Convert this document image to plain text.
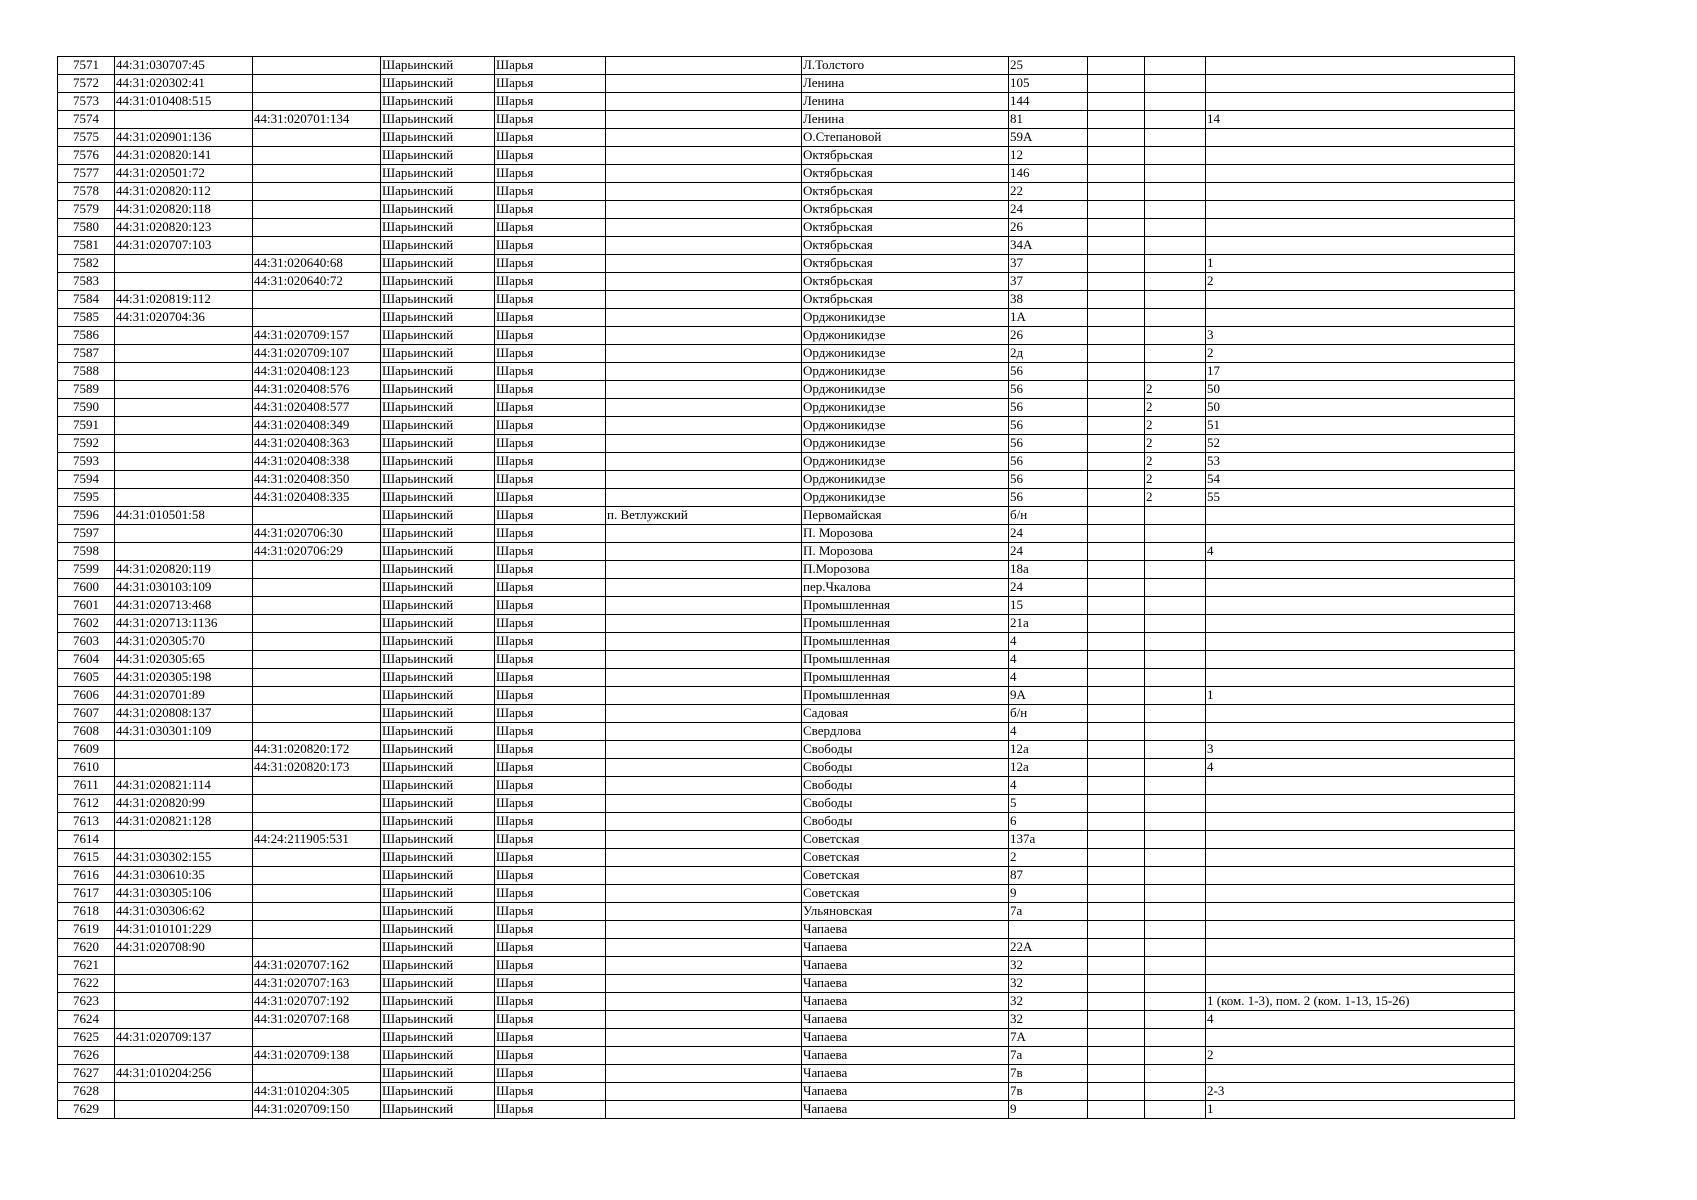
7571	44:31:030707:45		Шарьинский	Шарья		Л.Толстого	25			
7572	44:31:020302:41		Шарьинский	Шарья		Ленина	105			
7573	44:31:010408:515		Шарьинский	Шарья		Ленина	144			
7574		44:31:020701:134	Шарьинский	Шарья		Ленина	81			14
7575	44:31:020901:136		Шарьинский	Шарья		О.Степановой	59А			
7576	44:31:020820:141		Шарьинский	Шарья		Октябрьская	12			
7577	44:31:020501:72		Шарьинский	Шарья		Октябрьская	146			
7578	44:31:020820:112		Шарьинский	Шарья		Октябрьская	22			
7579	44:31:020820:118		Шарьинский	Шарья		Октябрьская	24			
7580	44:31:020820:123		Шарьинский	Шарья		Октябрьская	26			
7581	44:31:020707:103		Шарьинский	Шарья		Октябрьская	34А			
7582		44:31:020640:68	Шарьинский	Шарья		Октябрьская	37			1
7583		44:31:020640:72	Шарьинский	Шарья		Октябрьская	37			2
7584	44:31:020819:112		Шарьинский	Шарья		Октябрьская	38			
7585	44:31:020704:36		Шарьинский	Шарья		Орджоникидзе	1А			
7586		44:31:020709:157	Шарьинский	Шарья		Орджоникидзе	26			3
7587		44:31:020709:107	Шарьинский	Шарья		Орджоникидзе	2д			2
7588		44:31:020408:123	Шарьинский	Шарья		Орджоникидзе	56			17
7589		44:31:020408:576	Шарьинский	Шарья		Орджоникидзе	56		2	50
7590		44:31:020408:577	Шарьинский	Шарья		Орджоникидзе	56		2	50
7591		44:31:020408:349	Шарьинский	Шарья		Орджоникидзе	56		2	51
7592		44:31:020408:363	Шарьинский	Шарья		Орджоникидзе	56		2	52
7593		44:31:020408:338	Шарьинский	Шарья		Орджоникидзе	56		2	53
7594		44:31:020408:350	Шарьинский	Шарья		Орджоникидзе	56		2	54
7595		44:31:020408:335	Шарьинский	Шарья		Орджоникидзе	56		2	55
7596	44:31:010501:58		Шарьинский	Шарья	п. Ветлужский	Первомайская	б/н			
7597		44:31:020706:30	Шарьинский	Шарья		П. Морозова	24			
7598		44:31:020706:29	Шарьинский	Шарья		П. Морозова	24			4
7599	44:31:020820:119		Шарьинский	Шарья		П.Морозова	18а			
7600	44:31:030103:109		Шарьинский	Шарья		пер.Чкалова	24			
7601	44:31:020713:468		Шарьинский	Шарья		Промышленная	15			
7602	44:31:020713:1136		Шарьинский	Шарья		Промышленная	21а			
7603	44:31:020305:70		Шарьинский	Шарья		Промышленная	4			
7604	44:31:020305:65		Шарьинский	Шарья		Промышленная	4			
7605	44:31:020305:198		Шарьинский	Шарья		Промышленная	4			
7606	44:31:020701:89		Шарьинский	Шарья		Промышленная	9А			1
7607	44:31:020808:137		Шарьинский	Шарья		Садовая	б/н			
7608	44:31:030301:109		Шарьинский	Шарья		Свердлова	4			
7609		44:31:020820:172	Шарьинский	Шарья		Свободы	12а			3
7610		44:31:020820:173	Шарьинский	Шарья		Свободы	12а			4
7611	44:31:020821:114		Шарьинский	Шарья		Свободы	4			
7612	44:31:020820:99		Шарьинский	Шарья		Свободы	5			
7613	44:31:020821:128		Шарьинский	Шарья		Свободы	6			
7614		44:24:211905:531	Шарьинский	Шарья		Советская	137а			
7615	44:31:030302:155		Шарьинский	Шарья		Советская	2			
7616	44:31:030610:35		Шарьинский	Шарья		Советская	87			
7617	44:31:030305:106		Шарьинский	Шарья		Советская	9			
7618	44:31:030306:62		Шарьинский	Шарья		Ульяновская	7а			
7619	44:31:010101:229		Шарьинский	Шарья		Чапаева				
7620	44:31:020708:90		Шарьинский	Шарья		Чапаева	22А			
7621		44:31:020707:162	Шарьинский	Шарья		Чапаева	32			
7622		44:31:020707:163	Шарьинский	Шарья		Чапаева	32			
7623		44:31:020707:192	Шарьинский	Шарья		Чапаева	32			1 (ком. 1-3), пом. 2 (ком. 1-13, 15-26)
7624		44:31:020707:168	Шарьинский	Шарья		Чапаева	32			4
7625	44:31:020709:137		Шарьинский	Шарья		Чапаева	7А			
7626		44:31:020709:138	Шарьинский	Шарья		Чапаева	7а			2
7627	44:31:010204:256		Шарьинский	Шарья		Чапаева	7в			
7628		44:31:010204:305	Шарьинский	Шарья		Чапаева	7в			2-3
7629		44:31:020709:150	Шарьинский	Шарья		Чапаева	9			1
